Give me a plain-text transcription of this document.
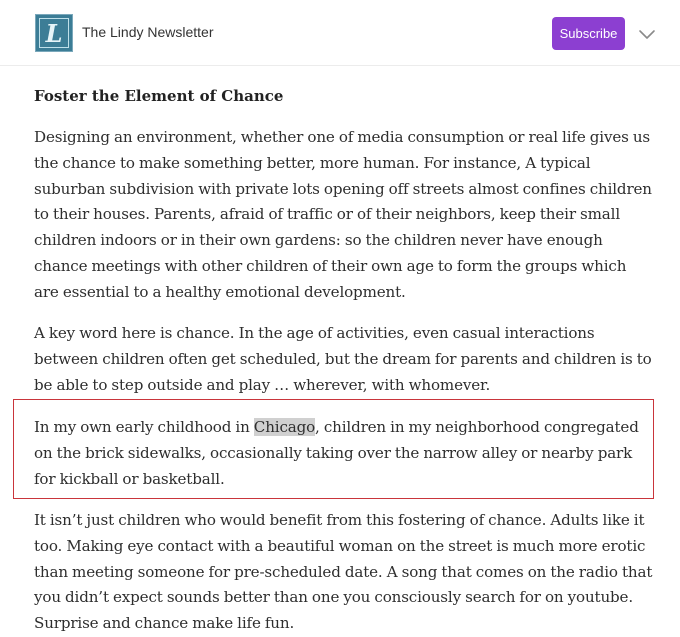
L	The Lindy Newsletter	Subscribe
Foster the Element of Chance

Designing an environment, whether one of media consumption or real life gives us the chance to make something better, more human. For instance, A typical suburban subdivision with private lots opening off streets almost confines children to their houses. Parents, afraid of traffic or of their neighbors, keep their small children indoors or in their own gardens: so the children never have enough chance meetings with other children of their own age to form the groups which are essential to a healthy emotional development.

A key word here is chance. In the age of activities, even casual interactions between children often get scheduled, but the dream for parents and children is to be able to step outside and play … wherever, with whomever.

In my own early childhood in Chicago, children in my neighborhood congregated on the brick sidewalks, occasionally taking over the narrow alley or nearby park for kickball or basketball.

It isn’t just children who would benefit from this fostering of chance. Adults like it too. Making eye contact with a beautiful woman on the street is much more erotic than meeting someone for pre-scheduled date. A song that comes on the radio that you didn’t expect sounds better than one you consciously search for on youtube. Surprise and chance make life fun.
